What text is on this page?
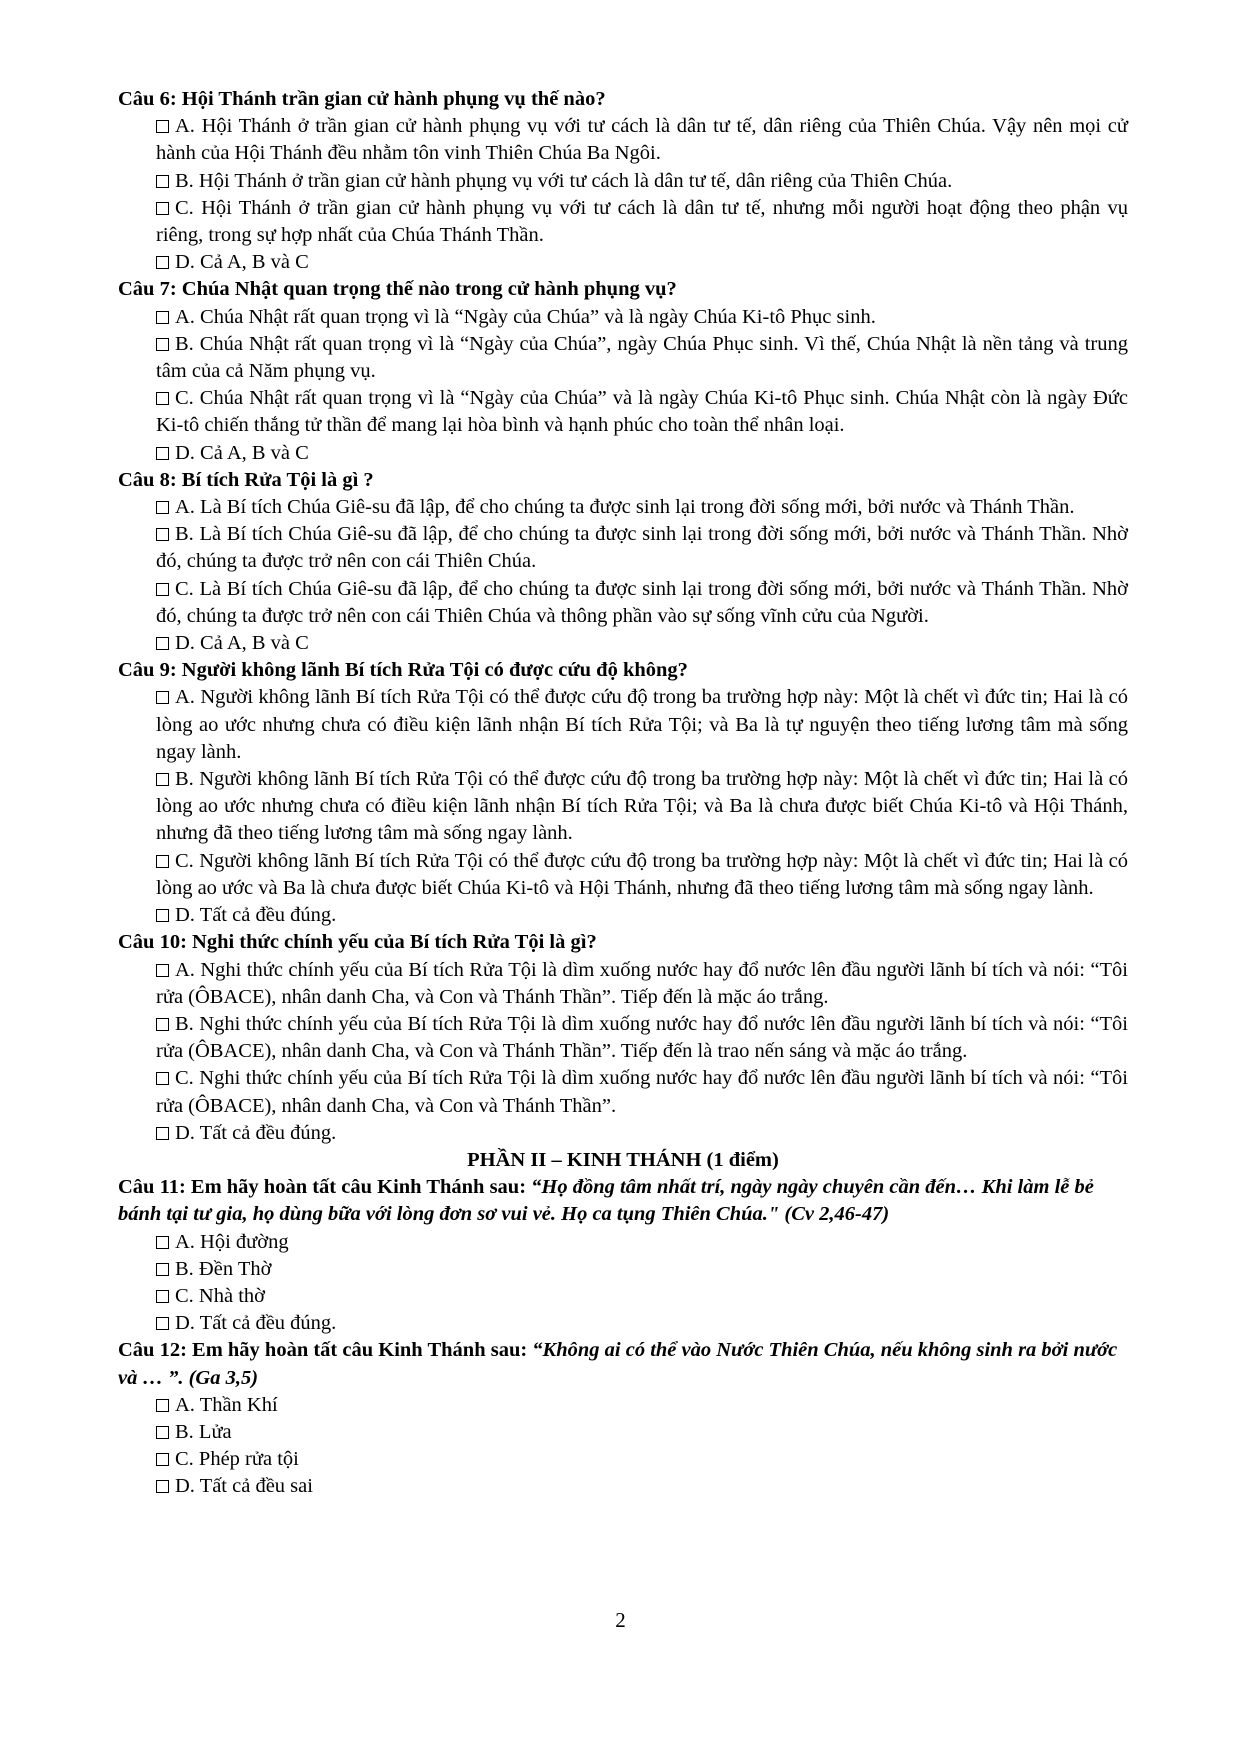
Câu 6: Hội Thánh trần gian cử hành phụng vụ thế nào?

A. Hội Thánh ở trần gian cử hành phụng vụ với tư cách là dân tư tế, dân riêng của Thiên Chúa. Vậy nên mọi cử hành của Hội Thánh đều nhằm tôn vinh Thiên Chúa Ba Ngôi.

B. Hội Thánh ở trần gian cử hành phụng vụ với tư cách là dân tư tế, dân riêng của Thiên Chúa.

C. Hội Thánh ở trần gian cử hành phụng vụ với tư cách là dân tư tế, nhưng mỗi người hoạt động theo phận vụ riêng, trong sự hợp nhất của Chúa Thánh Thần.

D. Cả A, B và C

Câu 7: Chúa Nhật quan trọng thế nào trong cử hành phụng vụ?

A. Chúa Nhật rất quan trọng vì là “Ngày của Chúa” và là ngày Chúa Ki-tô Phục sinh.

B. Chúa Nhật rất quan trọng vì là “Ngày của Chúa”, ngày Chúa Phục sinh. Vì thế, Chúa Nhật là nền tảng và trung tâm của cả Năm phụng vụ.

C. Chúa Nhật rất quan trọng vì là “Ngày của Chúa” và là ngày Chúa Ki-tô Phục sinh. Chúa Nhật còn là ngày Đức Ki-tô chiến thắng tử thần để mang lại hòa bình và hạnh phúc cho toàn thể nhân loại.

D. Cả A, B và C

Câu 8: Bí tích Rửa Tội là gì ?

A. Là Bí tích Chúa Giê-su đã lập, để cho chúng ta được sinh lại trong đời sống mới, bởi nước và Thánh Thần.

B. Là Bí tích Chúa Giê-su đã lập, để cho chúng ta được sinh lại trong đời sống mới, bởi nước và Thánh Thần. Nhờ đó, chúng ta được trở nên con cái Thiên Chúa.

C. Là Bí tích Chúa Giê-su đã lập, để cho chúng ta được sinh lại trong đời sống mới, bởi nước và Thánh Thần. Nhờ đó, chúng ta được trở nên con cái Thiên Chúa và thông phần vào sự sống vĩnh cửu của Người.

D. Cả A, B và C

Câu 9: Người không lãnh Bí tích Rửa Tội có được cứu độ không?

A. Người không lãnh Bí tích Rửa Tội có thể được cứu độ trong ba trường hợp này: Một là chết vì đức tin; Hai là có lòng ao ước nhưng chưa có điều kiện lãnh nhận Bí tích Rửa Tội; và Ba là tự nguyện theo tiếng lương tâm mà sống ngay lành.

B. Người không lãnh Bí tích Rửa Tội có thể được cứu độ trong ba trường hợp này: Một là chết vì đức tin; Hai là có lòng ao ước nhưng chưa có điều kiện lãnh nhận Bí tích Rửa Tội; và Ba là chưa được biết Chúa Ki-tô và Hội Thánh, nhưng đã theo tiếng lương tâm mà sống ngay lành.

C. Người không lãnh Bí tích Rửa Tội có thể được cứu độ trong ba trường hợp này: Một là chết vì đức tin; Hai là có lòng ao ước và Ba là chưa được biết Chúa Ki-tô và Hội Thánh, nhưng đã theo tiếng lương tâm mà sống ngay lành.

D. Tất cả đều đúng.

Câu 10: Nghi thức chính yếu của Bí tích Rửa Tội là gì?

A. Nghi thức chính yếu của Bí tích Rửa Tội là dìm xuống nước hay đổ nước lên đầu người lãnh bí tích và nói: “Tôi rửa (ÔBACE), nhân danh Cha, và Con và Thánh Thần”. Tiếp đến là mặc áo trắng.

B. Nghi thức chính yếu của Bí tích Rửa Tội là dìm xuống nước hay đổ nước lên đầu người lãnh bí tích và nói: “Tôi rửa (ÔBACE), nhân danh Cha, và Con và Thánh Thần”. Tiếp đến là trao nến sáng và mặc áo trắng.

C. Nghi thức chính yếu của Bí tích Rửa Tội là dìm xuống nước hay đổ nước lên đầu người lãnh bí tích và nói: “Tôi rửa (ÔBACE), nhân danh Cha, và Con và Thánh Thần”.

D. Tất cả đều đúng.

PHẦN II – KINH THÁNH (1 điểm)

Câu 11: Em hãy hoàn tất câu Kinh Thánh sau: “Họ đồng tâm nhất trí, ngày ngày chuyên cần đến… Khi làm lễ bẻ bánh tại tư gia, họ dùng bữa với lòng đơn sơ vui vẻ. Họ ca tụng Thiên Chúa." (Cv 2,46-47)

A. Hội đường

B. Đền Thờ

C. Nhà thờ

D. Tất cả đều đúng.

Câu 12: Em hãy hoàn tất câu Kinh Thánh sau: “Không ai có thể vào Nước Thiên Chúa, nếu không sinh ra bởi nước và … ”. (Ga 3,5)

A. Thần Khí

B. Lửa

C. Phép rửa tội

D. Tất cả đều sai

2
